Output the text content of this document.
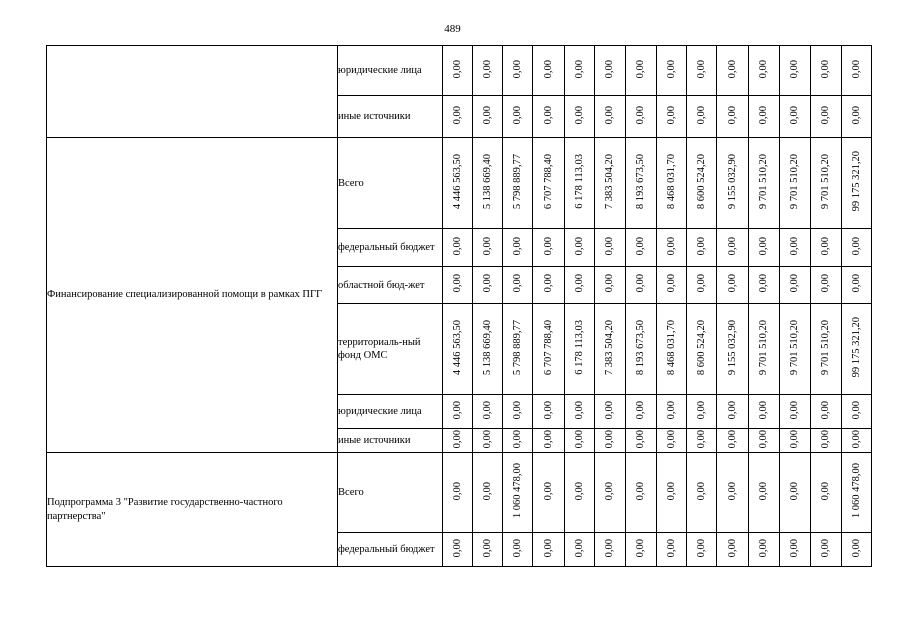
489
	юридические лица	0,00	0,00	0,00	0,00	0,00	0,00	0,00	0,00	0,00	0,00	0,00	0,00	0,00	0,00
	иные источники	0,00	0,00	0,00	0,00	0,00	0,00	0,00	0,00	0,00	0,00	0,00	0,00	0,00	0,00
Финансирование специализированной помощи в рамках ПГГ	Всего	4 446 563,50	5 138 669,40	5 798 889,77	6 707 788,40	6 178 113,03	7 383 504,20	8 193 673,50	8 468 031,70	8 600 524,20	9 155 032,90	9 701 510,20	9 701 510,20	9 701 510,20	99 175 321,20
	федеральный бюджет	0,00	0,00	0,00	0,00	0,00	0,00	0,00	0,00	0,00	0,00	0,00	0,00	0,00	0,00
	областной бюд-жет	0,00	0,00	0,00	0,00	0,00	0,00	0,00	0,00	0,00	0,00	0,00	0,00	0,00	0,00
	территориаль-ный фонд ОМС	4 446 563,50	5 138 669,40	5 798 889,77	6 707 788,40	6 178 113,03	7 383 504,20	8 193 673,50	8 468 031,70	8 600 524,20	9 155 032,90	9 701 510,20	9 701 510,20	9 701 510,20	99 175 321,20
	юридические лица	0,00	0,00	0,00	0,00	0,00	0,00	0,00	0,00	0,00	0,00	0,00	0,00	0,00	0,00
	иные источники	0,00	0,00	0,00	0,00	0,00	0,00	0,00	0,00	0,00	0,00	0,00	0,00	0,00	0,00
Подпрограмма 3 "Развитие государственно-частного партнерства"	Всего	0,00	0,00	1 060 478,00	0,00	0,00	0,00	0,00	0,00	0,00	0,00	0,00	0,00	0,00	1 060 478,00
	федеральный бюджет	0,00	0,00	0,00	0,00	0,00	0,00	0,00	0,00	0,00	0,00	0,00	0,00	0,00	0,00
